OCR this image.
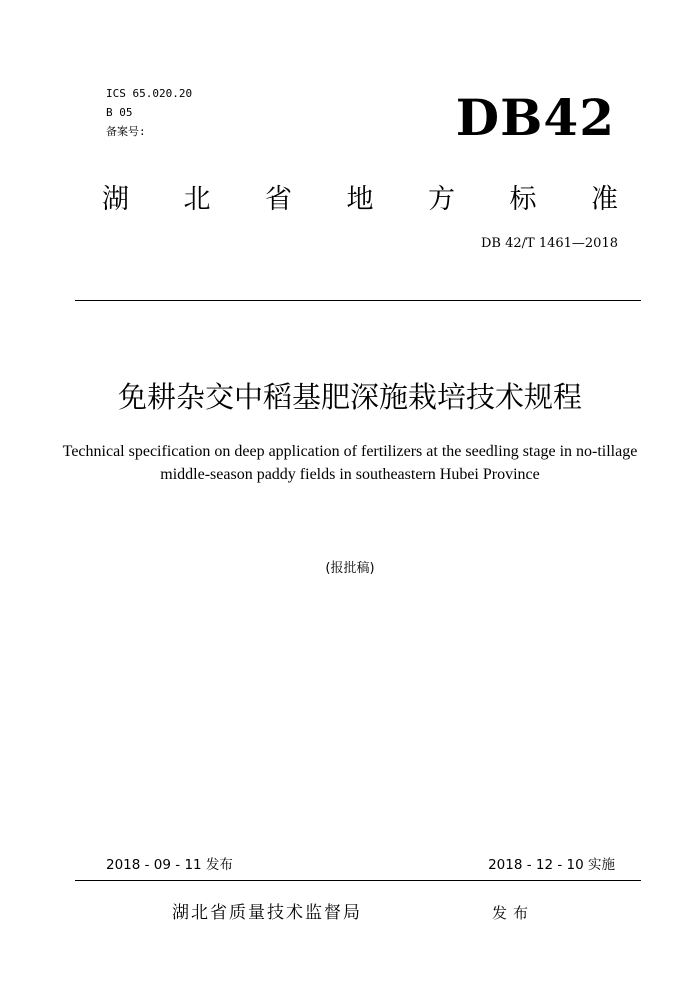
ICS 65.020.20
B 05
备案号:	DB42
湖 北 省 地 方 标 准
DB 42/T 1461—2018
免耕杂交中稻基肥深施栽培技术规程
Technical specification on deep application of fertilizers at the seedling stage in no-tillage middle-season paddy fields in southeastern Hubei Province
(报批稿)
2018 - 09 - 11 发布	2018 - 12 - 10 实施
湖北省质量技术监督局	发布
